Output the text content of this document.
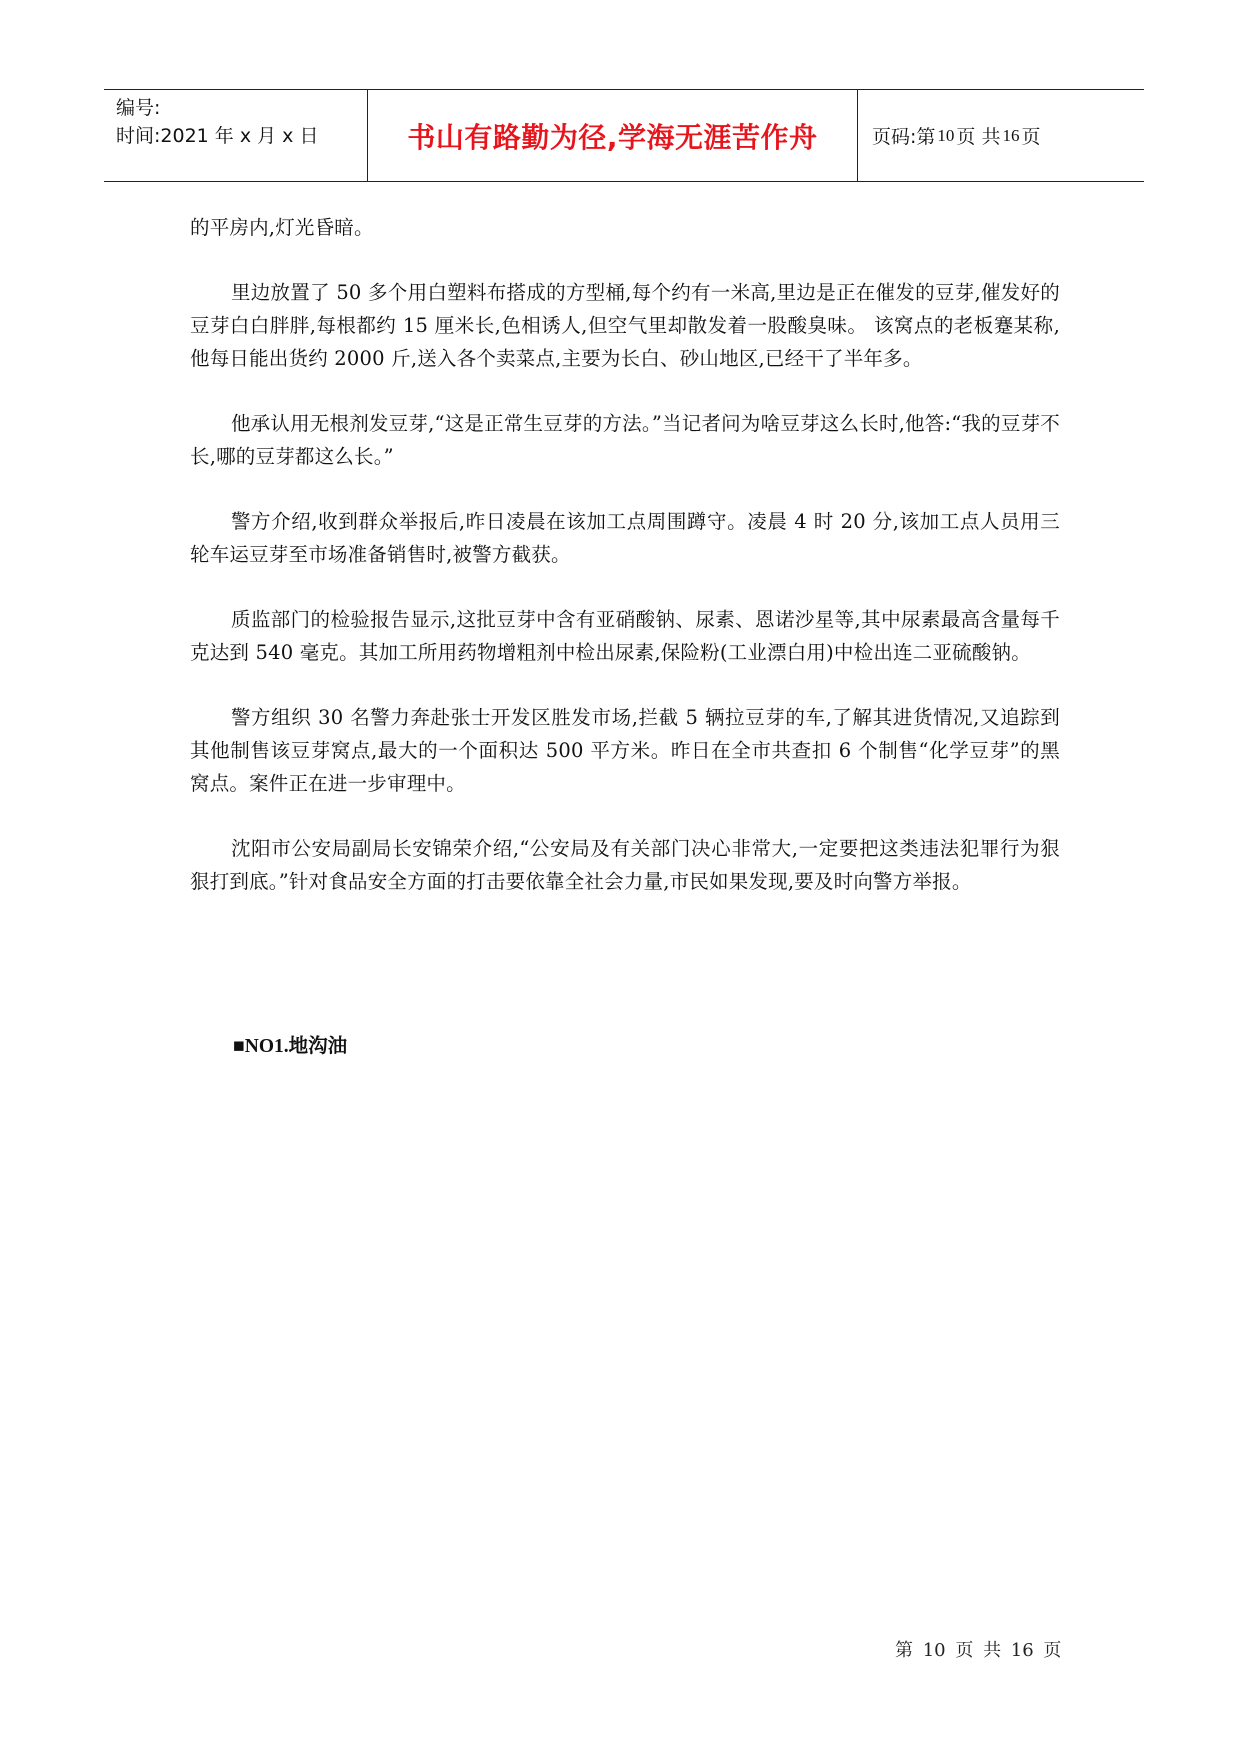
编号:
时间:2021 年 x 月 x 日	书山有路勤为径,学海无涯苦作舟	页码:第 10 页 共 16 页

的平房内,灯光昏暗。

里边放置了 50 多个用白塑料布搭成的方型桶,每个约有一米高,里边是正在催发的豆芽,催发好的豆芽白白胖胖,每根都约 15 厘米长,色相诱人,但空气里却散发着一股酸臭味。 该窝点的老板蹇某称,他每日能出货约 2000 斤,送入各个卖菜点,主要为长白、砂山地区,已经干了半年多。

他承认用无根剂发豆芽,“这是正常生豆芽的方法。”当记者问为啥豆芽这么长时,他答:“我的豆芽不长,哪的豆芽都这么长。”

警方介绍,收到群众举报后,昨日凌晨在该加工点周围蹲守。凌晨 4 时 20 分,该加工点人员用三轮车运豆芽至市场准备销售时,被警方截获。

质监部门的检验报告显示,这批豆芽中含有亚硝酸钠、尿素、恩诺沙星等,其中尿素最高含量每千克达到 540 毫克。其加工所用药物增粗剂中检出尿素,保险粉(工业漂白用)中检出连二亚硫酸钠。

警方组织 30 名警力奔赴张士开发区胜发市场,拦截 5 辆拉豆芽的车,了解其进货情况,又追踪到其他制售该豆芽窝点,最大的一个面积达 500 平方米。昨日在全市共查扣 6 个制售“化学豆芽”的黑窝点。案件正在进一步审理中。

沈阳市公安局副局长安锦荣介绍,“公安局及有关部门决心非常大,一定要把这类违法犯罪行为狠狠打到底。”针对食品安全方面的打击要依靠全社会力量,市民如果发现,要及时向警方举报。

■NO1.地沟油
第 10 页 共 16 页
